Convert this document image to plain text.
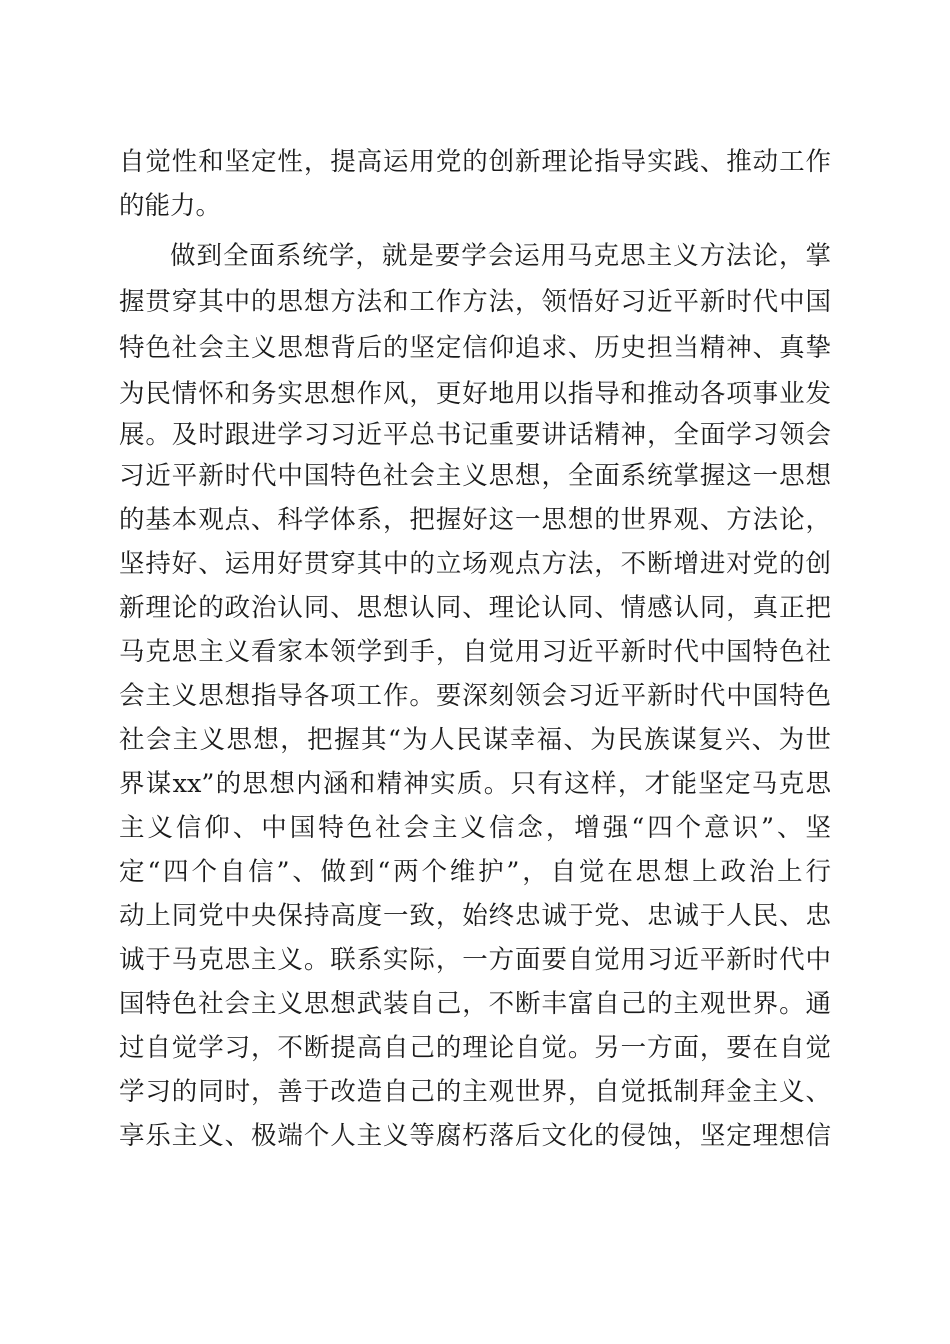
自觉性和坚定性，提高运用党的创新理论指导实践、推动工作
的能力。
做到全面系统学，就是要学会运用马克思主义方法论，掌
握贯穿其中的思想方法和工作方法，领悟好习近平新时代中国
特色社会主义思想背后的坚定信仰追求、历史担当精神、真挚
为民情怀和务实思想作风，更好地用以指导和推动各项事业发
展。及时跟进学习习近平总书记重要讲话精神，全面学习领会
习近平新时代中国特色社会主义思想，全面系统掌握这一思想
的基本观点、科学体系，把握好这一思想的世界观、方法论，
坚持好、运用好贯穿其中的立场观点方法，不断增进对党的创
新理论的政治认同、思想认同、理论认同、情感认同，真正把
马克思主义看家本领学到手，自觉用习近平新时代中国特色社
会主义思想指导各项工作。要深刻领会习近平新时代中国特色
社会主义思想，把握其“为人民谋幸福、为民族谋复兴、为世
界谋xx”的思想内涵和精神实质。只有这样，才能坚定马克思
主义信仰、中国特色社会主义信念，增强“四个意识”、坚
定“四个自信”、做到“两个维护”，自觉在思想上政治上行
动上同党中央保持高度一致，始终忠诚于党、忠诚于人民、忠
诚于马克思主义。联系实际，一方面要自觉用习近平新时代中
国特色社会主义思想武装自己，不断丰富自己的主观世界。通
过自觉学习，不断提高自己的理论自觉。另一方面，要在自觉
学习的同时，善于改造自己的主观世界，自觉抵制拜金主义、
享乐主义、极端个人主义等腐朽落后文化的侵蚀，坚定理想信
